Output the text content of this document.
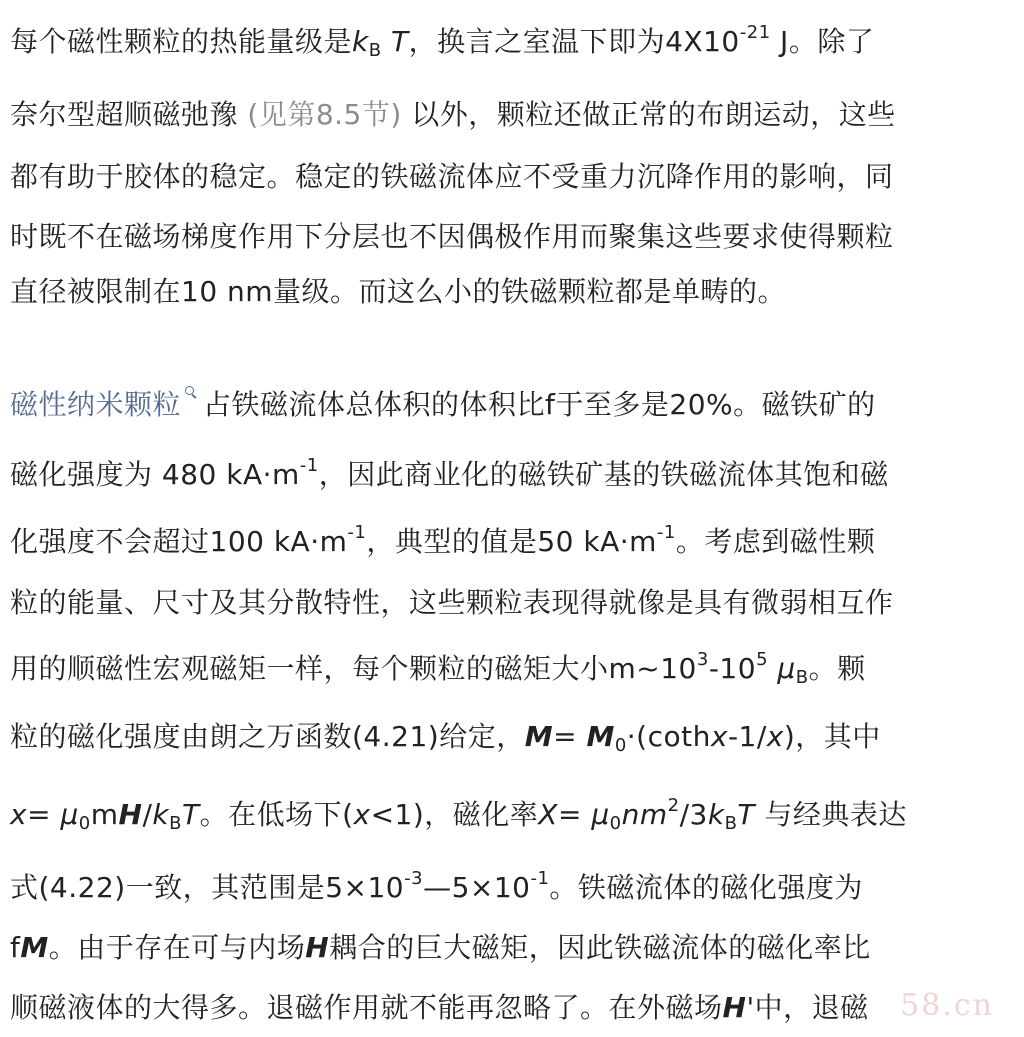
每个磁性颗粒的热能量级是$k_B$ T，换言之室温下即为$4X10^{-21}$ J。除了
奈尔型超顺磁弛豫 (见第8.5节) 以外，颗粒还做正常的布朗运动，这些
都有助于胶体的稳定。稳定的铁磁流体应不受重力沉降作用的影响，同
时既不在磁场梯度作用下分层也不因偶极作用而聚集这些要求使得颗粒
直径被限制在10 nm量级。而这么小的铁磁颗粒都是单畴的。
磁性纳米颗粒 占铁磁流体总体积的体积比f于至多是20%。磁铁矿的
磁化强度为 480 $kA\cdot m^{-1}$，因此商业化的磁铁矿基的铁磁流体其饱和磁
化强度不会超过100 $kA\cdot m^{-1}$，典型的值是50 $kA\cdot m^{-1}$。考虑到磁性颗
粒的能量、尺寸及其分散特性，这些颗粒表现得就像是具有微弱相互作
用的顺磁性宏观磁矩一样，每个颗粒的磁矩大小$m\sim 10^3-10^5$ $\mu_B$。颗
粒的磁化强度由朗之万函数(4.21)给定，$M= M_0\cdot(cothx-1/x)$，其中
$x= \mu_0mH/k_BT$。在低场下(x<1)，磁化率$X= \mu_0nm^2/3k_BT$ 与经典表达
式(4.22)一致，其范围是$5\times 10^{-3}—5\times 10^{-1}$。铁磁流体的磁化强度为
fM。由于存在可与内场H耦合的巨大磁矩，因此铁磁流体的磁化率比
顺磁液体的大得多。退磁作用就不能再忽略了。在外磁场H'中，退磁	58.cn
